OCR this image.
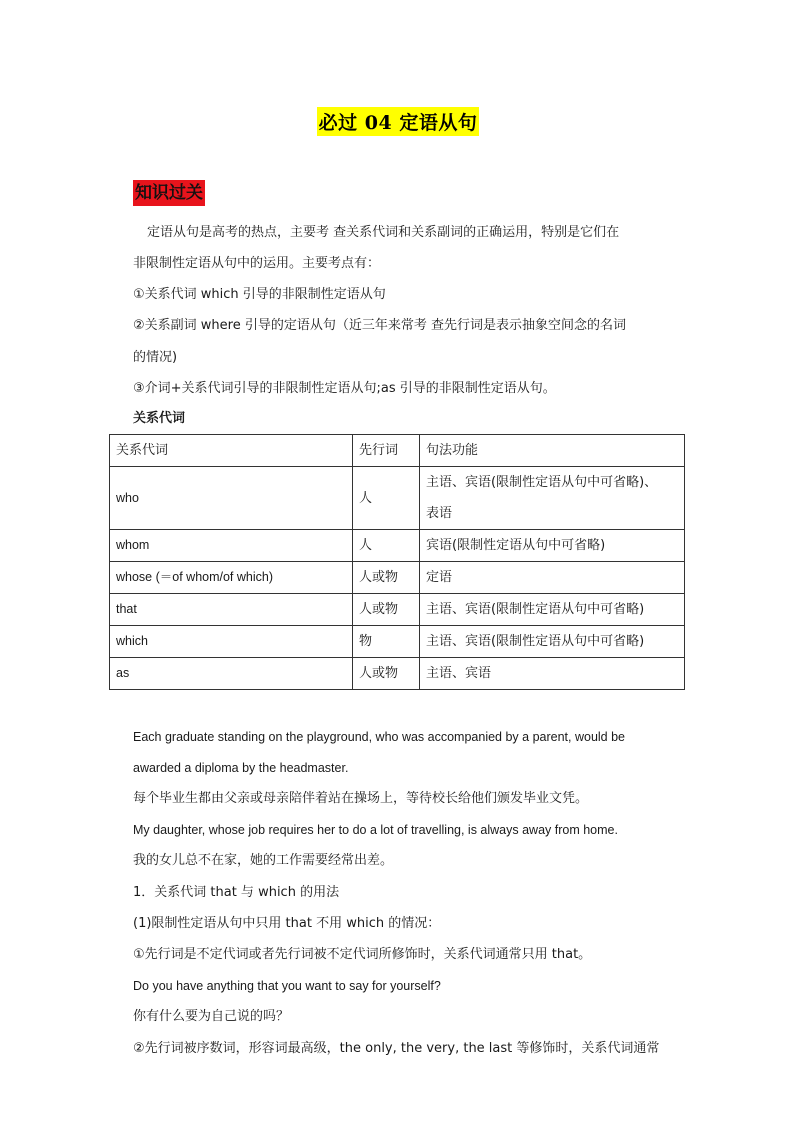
必过 04 定语从句
知识过关
定语从句是高考的热点，主要考 查关系代词和关系副词的正确运用，特别是它们在
非限制性定语从句中的运用。主要考点有：
①关系代词 which 引导的非限制性定语从句
②关系副词 where 引导的定语从句（近三年来常考 查先行词是表示抽象空间念的名词
的情况)
③介词+关系代词引导的非限制性定语从句;as 引导的非限制性定语从句。
关系代词
关系代词	先行词	句法功能
who	人	主语、宾语(限制性定语从句中可省略)、
表语

whom	人	宾语(限制性定语从句中可省略)
whose (＝of whom/of which)	人或物	定语
that	人或物	主语、宾语(限制性定语从句中可省略)
which	物	主语、宾语(限制性定语从句中可省略)
as	人或物	主语、宾语
Each graduate standing on the playground, who was accompanied by a parent, would be
awarded a diploma by the headmaster.
每个毕业生都由父亲或母亲陪伴着站在操场上，等待校长给他们颁发毕业文凭。
My daughter, whose job requires her to do a lot of travelling, is always away from home.
我的女儿总不在家，她的工作需要经常出差。
1．关系代词 that 与 which 的用法
(1)限制性定语从句中只用 that 不用 which 的情况：
①先行词是不定代词或者先行词被不定代词所修饰时，关系代词通常只用 that。
Do you have anything that you want to say for yourself?
你有什么要为自己说的吗？
②先行词被序数词，形容词最高级，the only, the very, the last 等修饰时，关系代词通常
